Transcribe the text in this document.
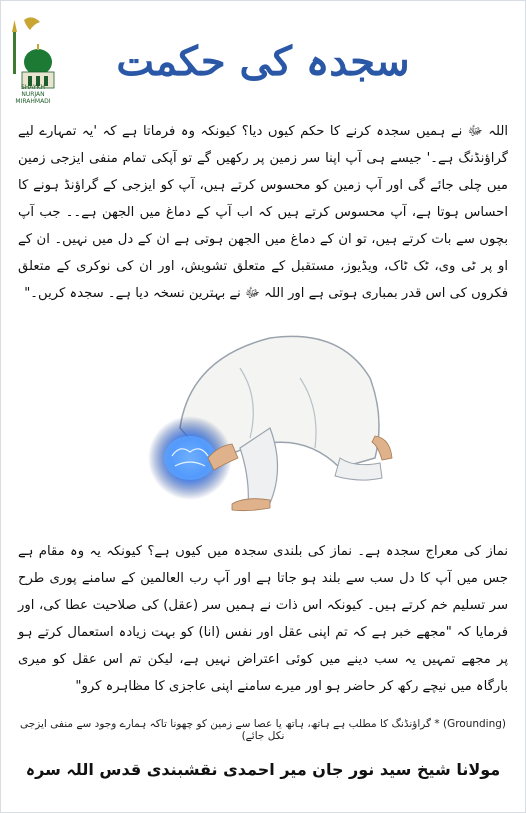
SHAYKH
NURJAN
MIRAHMADI
سجدہ کی حکمت
اللہ ﷻ نے ہمیں سجدہ کرنے کا حکم کیوں دیا؟ کیونکہ وہ فرماتا ہے کہ 'یہ تمہارے لیے گراؤنڈنگ ہے۔' جیسے ہی آپ اپنا سر زمین پر رکھیں گے تو آپکی تمام منفی ایزجی زمین میں چلی جائے گی اور آپ زمین کو محسوس کرتے ہیں، آپ کو ایزجی کے گراؤنڈ ہونے کا احساس ہوتا ہے، آپ محسوس کرتے ہیں کہ اب آپ کے دماغ میں الجھن ہے۔۔ جب آپ بچوں سے بات کرتے ہیں، تو ان کے دماغ میں الجھن ہوتی ہے ان کے دل میں نہیں۔ ان کے او پر ٹی وی، ٹک ٹاک، ویڈیوز، مستقبل کے متعلق تشویش، اور ان کی نوکری کے متعلق فکروں کی اس قدر بمباری ہوتی ہے اور اللہ ﷻ نے بہترین نسخہ دیا ہے۔ سجدہ کریں۔"
نماز کی معراج سجدہ ہے۔ نماز کی بلندی سجدہ میں کیوں ہے؟ کیونکہ یہ وہ مقام ہے جس میں آپ کا دل سب سے بلند ہو جاتا ہے اور آپ رب العالمین کے سامنے پوری طرح سر تسلیم خم کرتے ہیں۔ کیونکہ اس ذات نے ہمیں سر (عقل) کی صلاحیت عطا کی، اور فرمایا کہ "مجھے خبر ہے کہ تم اپنی عقل اور نفس (انا) کو بہت زیادہ استعمال کرتے ہو پر مجھے تمہیں یہ سب دینے میں کوئی اعتراض نہیں ہے، لیکن تم اس عقل کو میری بارگاہ میں نیچے رکھ کر حاضر ہو اور میرے سامنے اپنی عاجزی کا مظاہرہ کرو"
(Grounding) * گراؤنڈنگ کا مطلب ہے ہاتھ، ہاتھ یا عصا سے زمین کو چھونا تاکہ ہمارے وجود سے منفی ایزجی نکل جائے)
مولانا شیخ سید نور جان میر احمدی نقشبندی قدس اللہ سرہ
